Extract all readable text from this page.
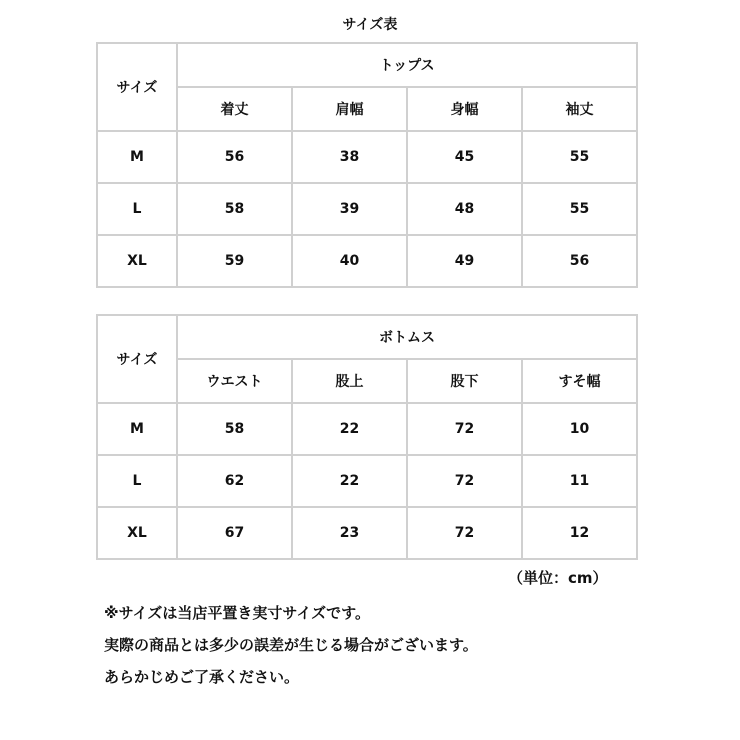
サイズ表
サイズ	トップス			
	着丈	肩幅	身幅	袖丈
M	56	38	45	55
L	58	39	48	55
XL	59	40	49	56
サイズ	ボトムス			
	ウエスト	股上	股下	すそ幅
M	58	22	72	10
L	62	22	72	11
XL	67	23	72	12
（単位：cm）
※サイズは当店平置き実寸サイズです。
実際の商品とは多少の誤差が生じる場合がございます。
あらかじめご了承ください。
